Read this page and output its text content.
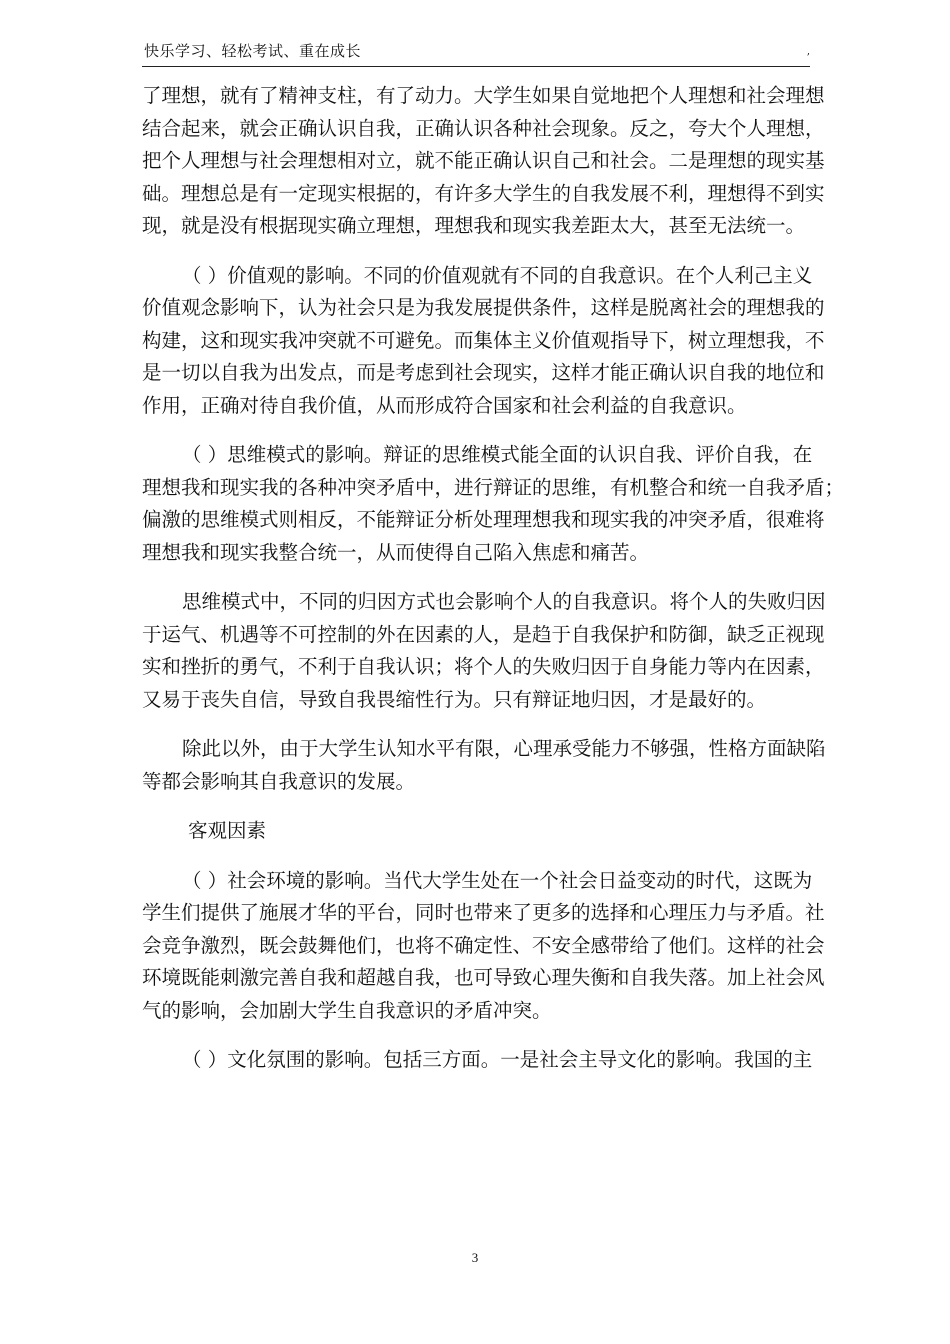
快乐学习、轻松考试、重在成长	,

了理想，就有了精神支柱，有了动力。大学生如果自觉地把个人理想和社会理想
结合起来，就会正确认识自我，正确认识各种社会现象。反之，夸大个人理想，
把个人理想与社会理想相对立，就不能正确认识自己和社会。二是理想的现实基
础。理想总是有一定现实根据的，有许多大学生的自我发展不利，理想得不到实
现，就是没有根据现实确立理想，理想我和现实我差距太大，甚至无法统一。

（ ）价值观的影响。不同的价值观就有不同的自我意识。在个人利己主义
价值观念影响下，认为社会只是为我发展提供条件，这样是脱离社会的理想我的
构建，这和现实我冲突就不可避免。而集体主义价值观指导下，树立理想我，不
是一切以自我为出发点，而是考虑到社会现实，这样才能正确认识自我的地位和
作用，正确对待自我价值，从而形成符合国家和社会利益的自我意识。

（ ）思维模式的影响。辩证的思维模式能全面的认识自我、评价自我，在
理想我和现实我的各种冲突矛盾中，进行辩证的思维，有机整合和统一自我矛盾；
偏激的思维模式则相反，不能辩证分析处理理想我和现实我的冲突矛盾，很难将
理想我和现实我整合统一，从而使得自己陷入焦虑和痛苦。

思维模式中，不同的归因方式也会影响个人的自我意识。将个人的失败归因
于运气、机遇等不可控制的外在因素的人，是趋于自我保护和防御，缺乏正视现
实和挫折的勇气，不利于自我认识；将个人的失败归因于自身能力等内在因素，
又易于丧失自信，导致自我畏缩性行为。只有辩证地归因，才是最好的。

除此以外，由于大学生认知水平有限，心理承受能力不够强，性格方面缺陷
等都会影响其自我意识的发展。

客观因素

（ ）社会环境的影响。当代大学生处在一个社会日益变动的时代，这既为
学生们提供了施展才华的平台，同时也带来了更多的选择和心理压力与矛盾。社
会竞争激烈，既会鼓舞他们，也将不确定性、不安全感带给了他们。这样的社会
环境既能刺激完善自我和超越自我，也可导致心理失衡和自我失落。加上社会风
气的影响，会加剧大学生自我意识的矛盾冲突。

（ ）文化氛围的影响。包括三方面。一是社会主导文化的影响。我国的主

3
